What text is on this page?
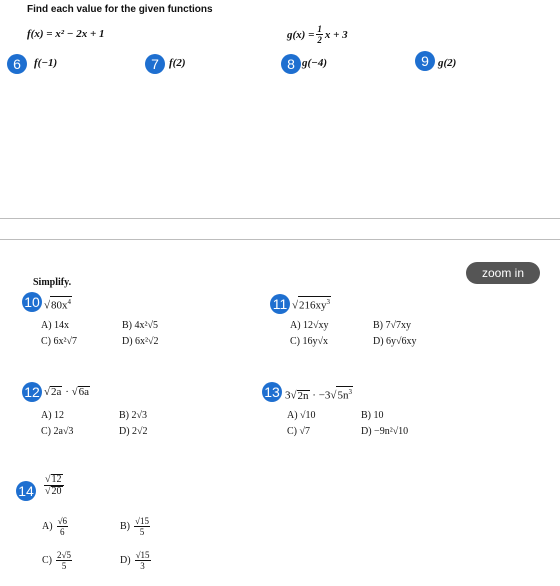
Find each value for the given functions
f(x) = x² − 2x + 1	$g(x) = \frac{1}{2}$ x + 3
6	f(−1)	7 f(2)	8 g(−4)	9 g(2)
zoom in
Simplify.
10 $√80x^4$
A) 14x	B) 4x²√5
C) 6x²√7	D) 6x²√2
11 $√216xy^3$
A) 12√xy	B) 7√7xy
C) 16y√x	D) 6y√6xy
12 √2a · √6a
A) 12	B) 2√3
C) 2a√3	D) 2√2
13 $3√2n \cdot -3√5n^3$
A) √10	B) 10
C) √7	D) −9n²√10
$14 \frac{√12}{√20}$
$A) \frac{√6}{6}$	$B) \frac{√15}{5}$
$C) \frac{2√5}{5}$	$D) \frac{√15}{3}$
